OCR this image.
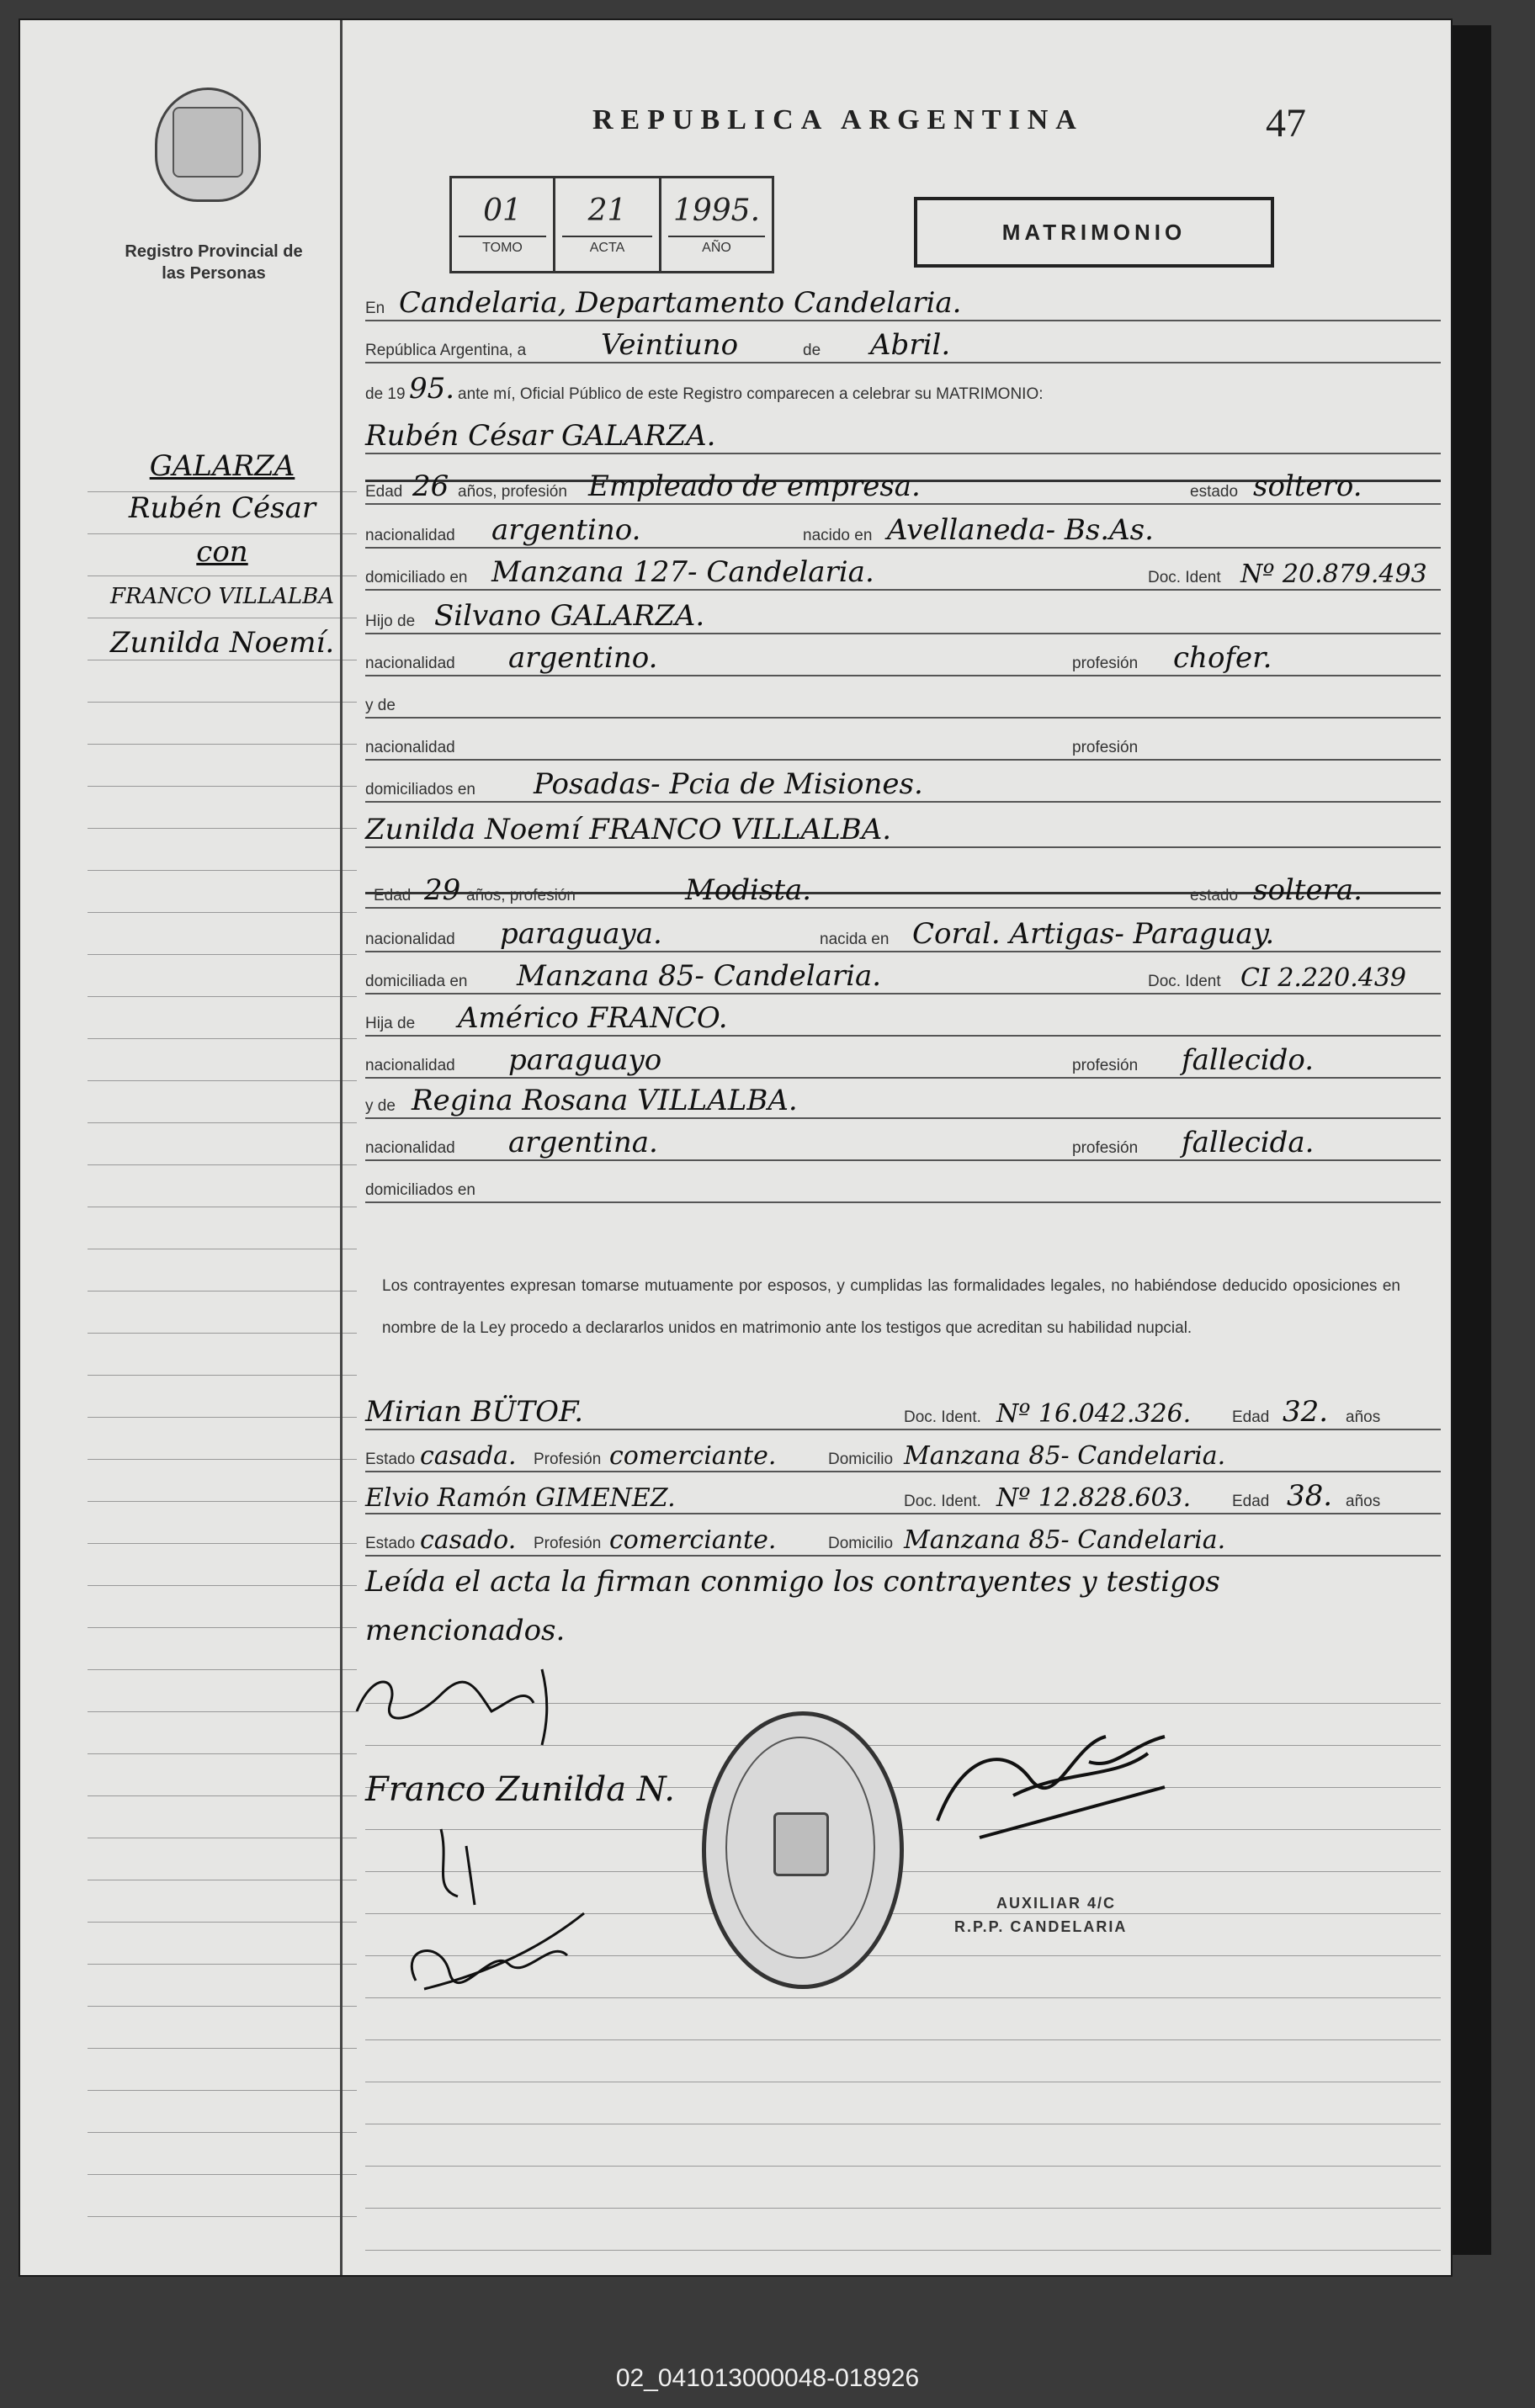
Registro Provincial de las Personas
REPUBLICA ARGENTINA	47
01
TOMO
21
ACTA
1995.
AÑO
MATRIMONIO
GALARZA
Rubén César
con
FRANCO VILLALBA
Zunilda Noemí.
En Candelaria, Departamento Candelaria.
República Argentina, a	Veintiuno	de Abril.
de 19 95. ante mí, Oficial Público de este Registro comparecen a celebrar su MATRIMONIO:
Rubén César GALARZA.
Edad 26 años, profesión Empleado de empresa.	estado soltero.
nacionalidad argentino.	nacido en Avellaneda- Bs.As.
domiciliado en Manzana 127- Candelaria.	Doc. Ident Nº 20.879.493
Hijo de Silvano GALARZA.
nacionalidad argentino.	profesión chofer.
y de
nacionalidad	profesión
domiciliados en Posadas- Pcia de Misiones.
Zunilda Noemí FRANCO VILLALBA.
Edad 29 años, profesión	Modista.	estado soltera.
nacionalidad paraguaya.	nacida en Coral. Artigas- Paraguay.
domiciliada en Manzana 85- Candelaria.	Doc. Ident CI 2.220.439
Hija de Américo FRANCO.
nacionalidad paraguayo	profesión fallecido.
y de Regina Rosana VILLALBA.
nacionalidad argentina.	profesión fallecida.
domiciliados en
Los contrayentes expresan tomarse mutuamente por esposos, y cumplidas las formalidades legales, no habiéndose deducido oposiciones en nombre de la Ley procedo a declararlos unidos en matrimonio ante los testigos que acreditan su habilidad nupcial.
Mirian BÜTOF.	Doc. Ident. Nº 16.042.326.	Edad 32. años
Estado casada. Profesión comerciante.	Domicilio Manzana 85- Candelaria.
Elvio Ramón GIMENEZ.	Doc. Ident. Nº 12.828.603.	Edad 38. años
Estado casado. Profesión comerciante.	Domicilio Manzana 85- Candelaria.
Leída el acta la firman conmigo los contrayentes y testigos
mencionados.
Franco Zunilda N.
AUXILIAR 4/C
R.P.P. CANDELARIA
02_041013000048-018926
